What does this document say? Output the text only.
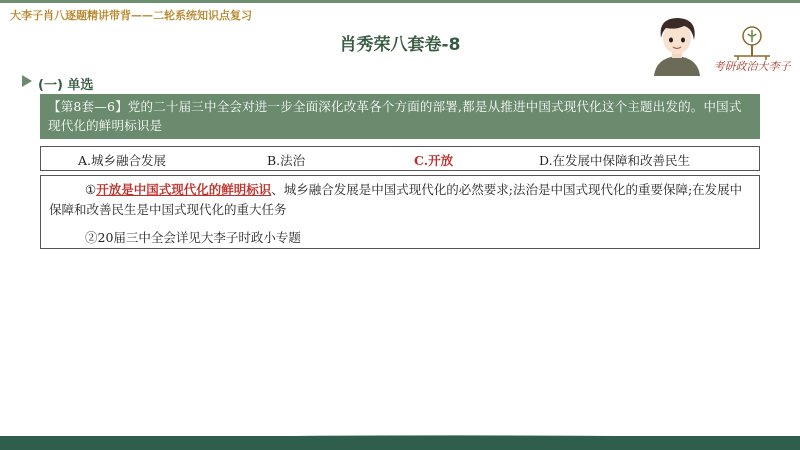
大李子肖八逐题精讲带背——二轮系统知识点复习
肖秀荣八套卷-8
考研政治大李子
(一) 单选
【第8套—6】党的二十届三中全会对进一步全面深化改革各个方面的部署,都是从推进中国式现代化这个主题出发的。中国式现代化的鲜明标识是
A.城乡融合发展	B.法治	C.开放	D.在发展中保障和改善民生

①开放是中国式现代化的鲜明标识、城乡融合发展是中国式现代化的必然要求;法治是中国式现代化的重要保障;在发展中保障和改善民生是中国式现代化的重大任务

②20届三中全会详见大李子时政小专题
